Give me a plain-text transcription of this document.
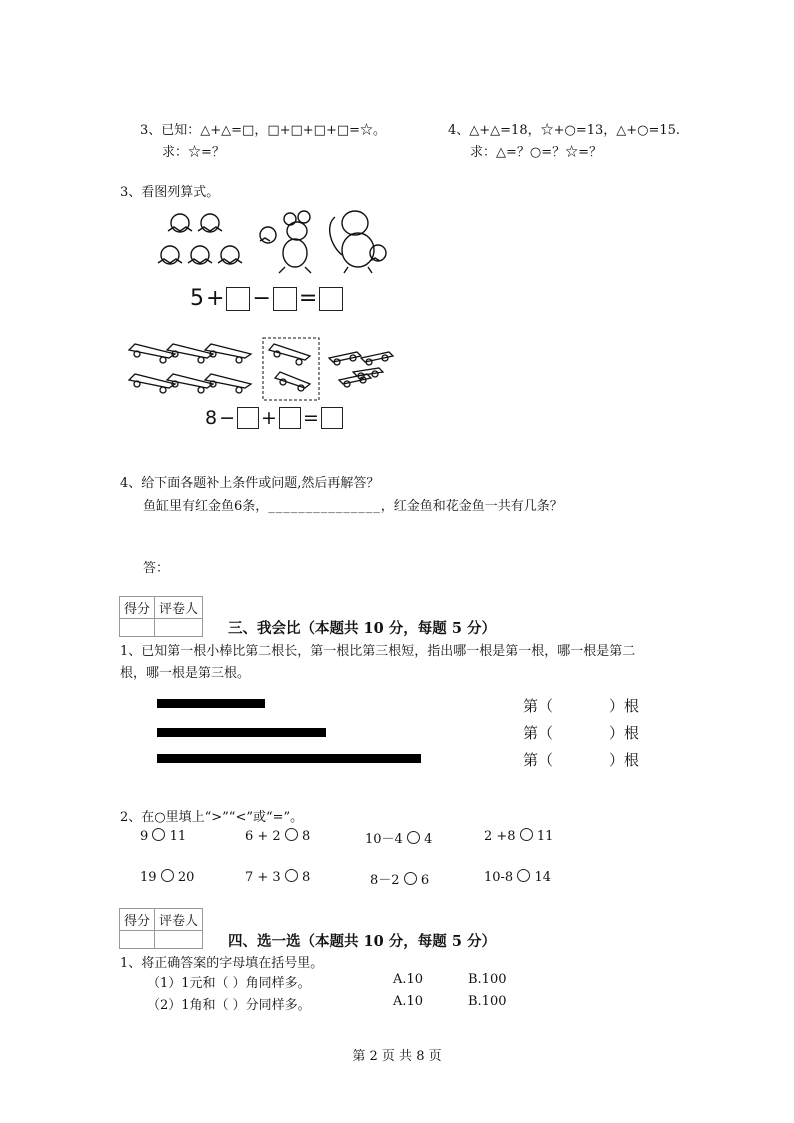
3、已知：△+△=□，□+□+□+□=☆。
求：☆=？
4、△+△=18，☆+○=13，△+○=15.
求：△=？○=？☆=？
3、看图列算式。
5 + − =
8 − + =
4、给下面各题补上条件或问题,然后再解答？
鱼缸里有红金鱼6条，_______________，红金鱼和花金鱼一共有几条？
答：
得分	评卷人

三、我会比（本题共 10 分，每题 5 分）
1、已知第一根小棒比第二根长，第一根比第三根短，指出哪一根是第一根，哪一根是第二
根，哪一根是第三根。
第（	）根
第（	）根
第（	）根
2、在○里填上“>”“<”或“=”。
9 11	6 + 2 8	10－4 4	2 +8 11
19 20	7 + 3 8	8－2 6	10-8 14
得分	评卷人

四、选一选（本题共 10 分，每题 5 分）
1、将正确答案的字母填在括号里。
（1）1元和（ ）角同样多。	A.10	B.100
（2）1角和（ ）分同样多。	A.10	B.100
第 2 页 共 8 页
